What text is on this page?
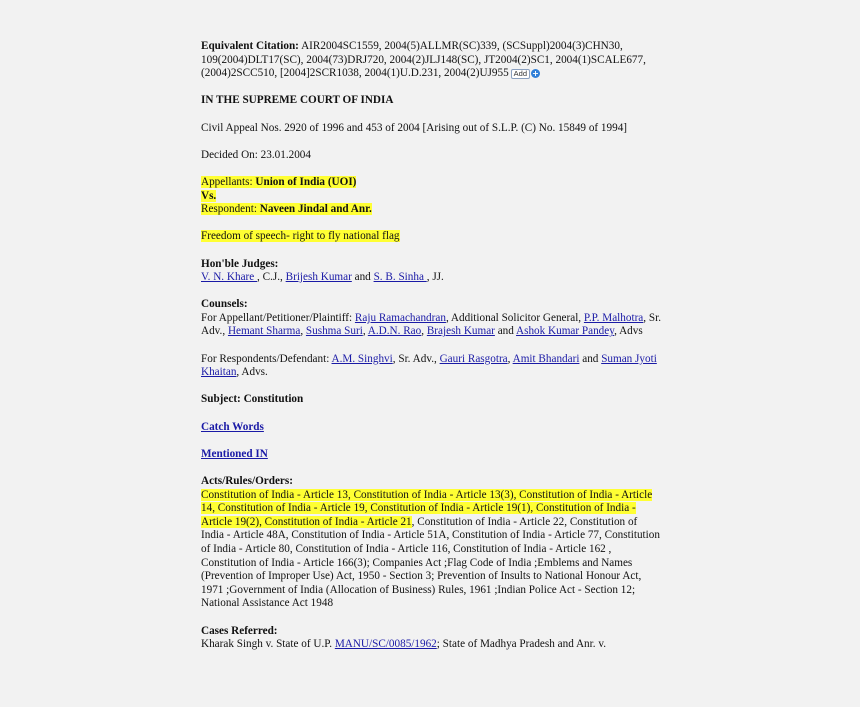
Equivalent Citation: AIR2004SC1559, 2004(5)ALLMR(SC)339, (SCSuppl)2004(3)CHN30, 109(2004)DLT17(SC), 2004(73)DRJ720, 2004(2)JLJ148(SC), JT2004(2)SC1, 2004(1)SCALE677, (2004)2SCC510, [2004]2SCR1038, 2004(1)U.D.231, 2004(2)UJ955 Add +

IN THE SUPREME COURT OF INDIA

Civil Appeal Nos. 2920 of 1996 and 453 of 2004 [Arising out of S.L.P. (C) No. 15849 of 1994]

Decided On: 23.01.2004

Appellants: Union of India (UOI)
Vs.
Respondent: Naveen Jindal and Anr.

Freedom of speech- right to fly national flag

Hon'ble Judges:
V. N. Khare , C.J., Brijesh Kumar and S. B. Sinha , JJ.

Counsels:
For Appellant/Petitioner/Plaintiff: Raju Ramachandran, Additional Solicitor General, P.P. Malhotra, Sr. Adv., Hemant Sharma, Sushma Suri, A.D.N. Rao, Brajesh Kumar and Ashok Kumar Pandey, Advs

For Respondents/Defendant: A.M. Singhvi, Sr. Adv., Gauri Rasgotra, Amit Bhandari and Suman Jyoti Khaitan, Advs.

Subject: Constitution

Catch Words

Mentioned IN

Acts/Rules/Orders:
Constitution of India - Article 13, Constitution of India - Article 13(3), Constitution of India - Article 14, Constitution of India - Article 19, Constitution of India - Article 19(1), Constitution of India - Article 19(2), Constitution of India - Article 21, Constitution of India - Article 22, Constitution of India - Article 48A, Constitution of India - Article 51A, Constitution of India - Article 77, Constitution of India - Article 80, Constitution of India - Article 116, Constitution of India - Article 162 , Constitution of India - Article 166(3); Companies Act ;Flag Code of India ;Emblems and Names (Prevention of Improper Use) Act, 1950 - Section 3; Prevention of Insults to National Honour Act, 1971 ;Government of India (Allocation of Business) Rules, 1961 ;Indian Police Act - Section 12; National Assistance Act 1948

Cases Referred:
Kharak Singh v. State of U.P. MANU/SC/0085/1962; State of Madhya Pradesh and Anr. v.
